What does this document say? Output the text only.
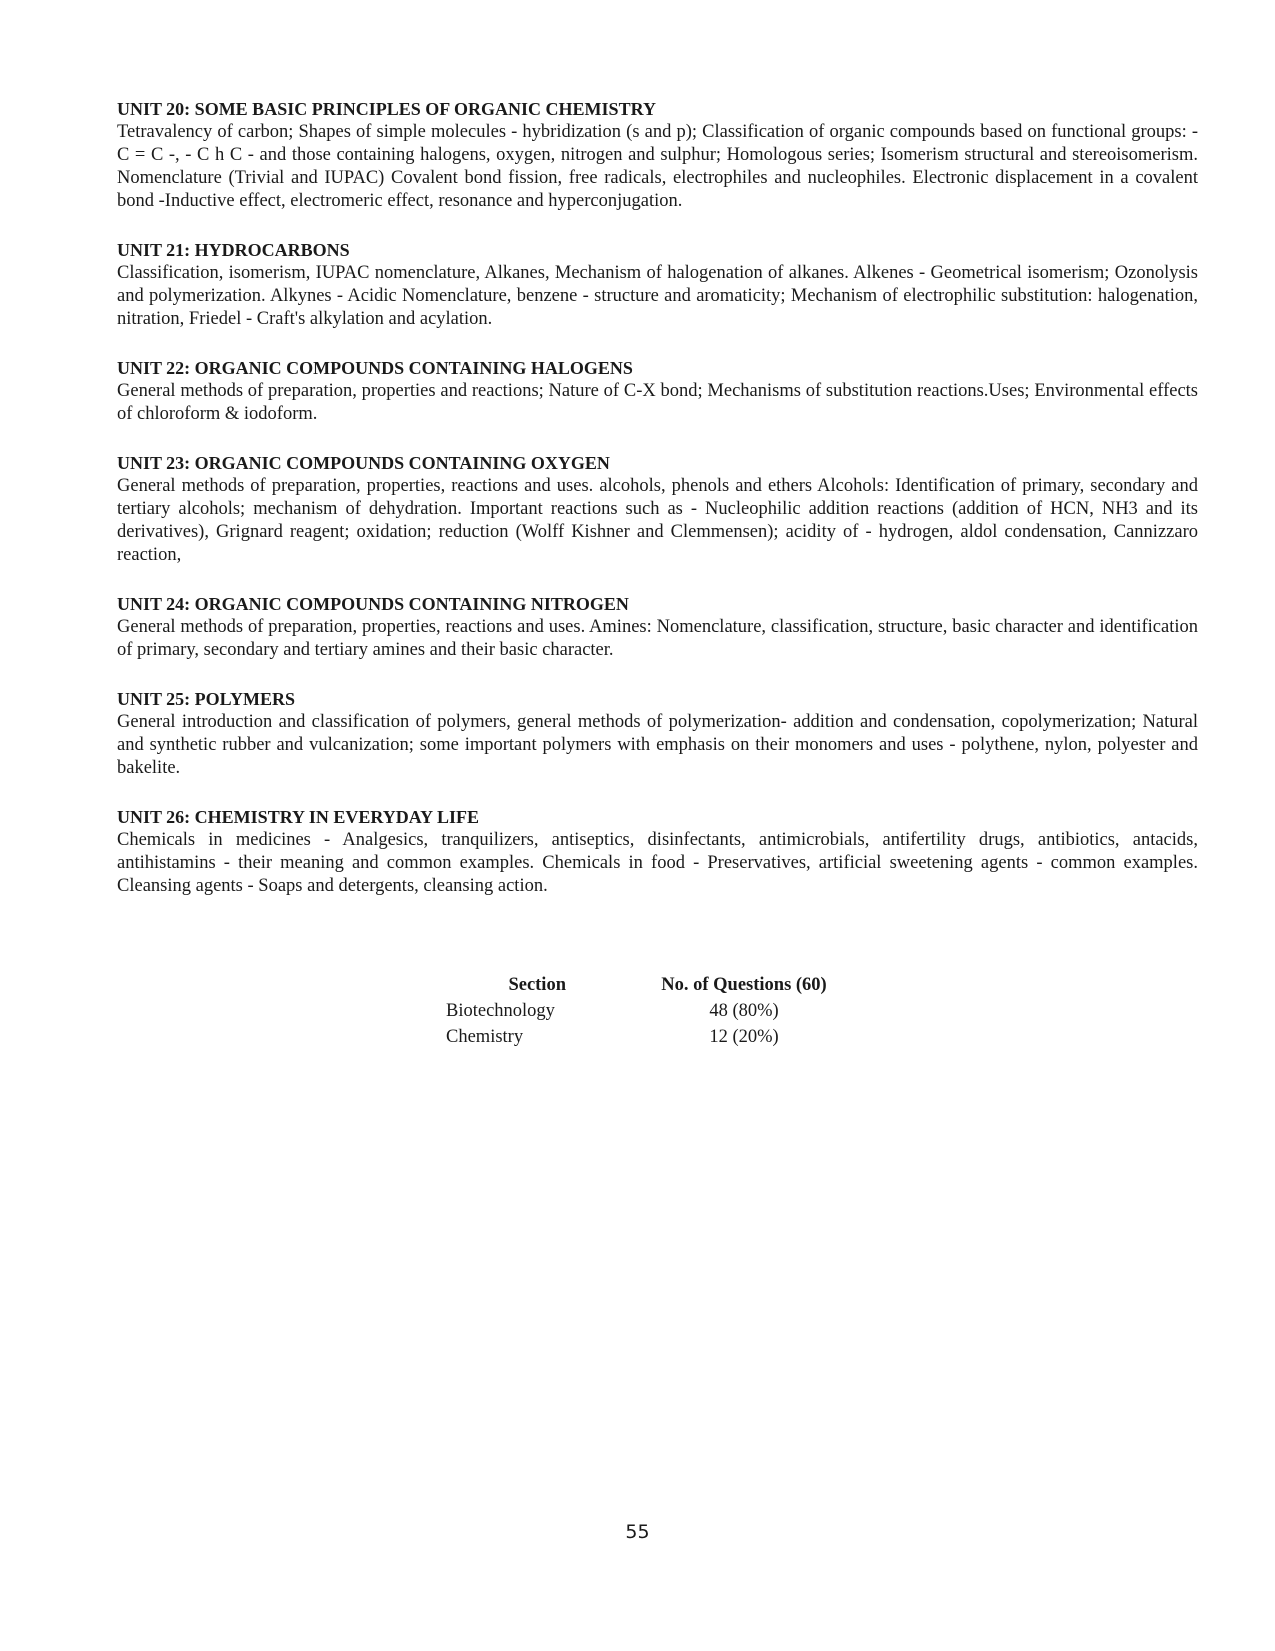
UNIT 20: SOME BASIC PRINCIPLES OF ORGANIC CHEMISTRY

Tetravalency of carbon; Shapes of simple molecules - hybridization (s and p); Classification of organic compounds based on functional groups: - C = C -, - C h C - and those containing halogens, oxygen, nitrogen and sulphur; Homologous series; Isomerism structural and stereoisomerism. Nomenclature (Trivial and IUPAC) Covalent bond fission, free radicals, electrophiles and nucleophiles. Electronic displacement in a covalent bond -Inductive effect, electromeric effect, resonance and hyperconjugation.

UNIT 21: HYDROCARBONS

Classification, isomerism, IUPAC nomenclature, Alkanes, Mechanism of halogenation of alkanes. Alkenes - Geometrical isomerism; Ozonolysis and polymerization. Alkynes - Acidic Nomenclature, benzene - structure and aromaticity; Mechanism of electrophilic substitution: halogenation, nitration, Friedel - Craft's alkylation and acylation.

UNIT 22: ORGANIC COMPOUNDS CONTAINING HALOGENS

General methods of preparation, properties and reactions; Nature of C-X bond; Mechanisms of substitution reactions.Uses; Environmental effects of chloroform & iodoform.

UNIT 23: ORGANIC COMPOUNDS CONTAINING OXYGEN

General methods of preparation, properties, reactions and uses. alcohols, phenols and ethers Alcohols: Identification of primary, secondary and tertiary alcohols; mechanism of dehydration. Important reactions such as - Nucleophilic addition reactions (addition of HCN, NH3 and its derivatives), Grignard reagent; oxidation; reduction (Wolff Kishner and Clemmensen); acidity of - hydrogen, aldol condensation, Cannizzaro reaction,

UNIT 24: ORGANIC COMPOUNDS CONTAINING NITROGEN

General methods of preparation, properties, reactions and uses. Amines: Nomenclature, classification, structure, basic character and identification of primary, secondary and tertiary amines and their basic character.

UNIT 25: POLYMERS

General introduction and classification of polymers, general methods of polymerization- addition and condensation, copolymerization; Natural and synthetic rubber and vulcanization; some important polymers with emphasis on their monomers and uses - polythene, nylon, polyester and bakelite.

UNIT 26: CHEMISTRY IN EVERYDAY LIFE

Chemicals in medicines - Analgesics, tranquilizers, antiseptics, disinfectants, antimicrobials, antifertility drugs, antibiotics, antacids, antihistamins - their meaning and common examples. Chemicals in food - Preservatives, artificial sweetening agents - common examples. Cleansing agents - Soaps and detergents, cleansing action.

Section	No. of Questions (60)
Biotechnology	48 (80%)
Chemistry	12 (20%)
55
